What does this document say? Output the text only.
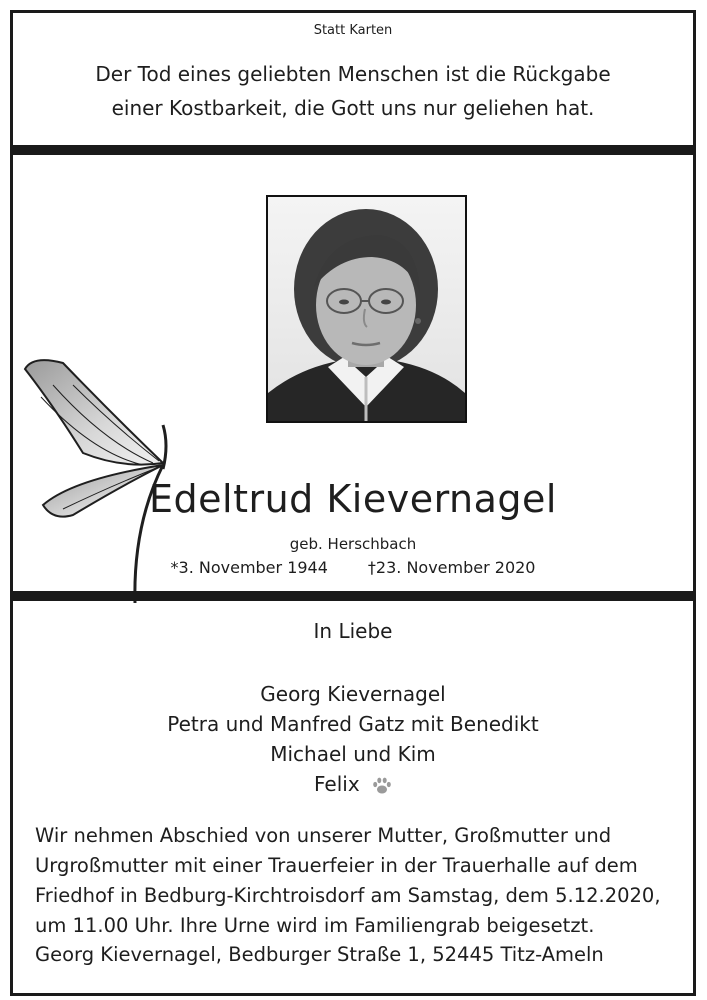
Statt Karten
Der Tod eines geliebten Menschen ist die Rückgabe
einer Kostbarkeit, die Gott uns nur geliehen hat.
Edeltrud Kievernagel
geb. Herschbach
*3. November 1944	†23. November 2020
In Liebe
Georg Kievernagel
Petra und Manfred Gatz mit Benedikt
Michael und Kim
Felix
Wir nehmen Abschied von unserer Mutter, Großmutter und
Urgroßmutter mit einer Trauerfeier in der Trauerhalle auf dem
Friedhof in Bedburg-Kirchtroisdorf am Samstag, dem 5.12.2020,
um 11.00 Uhr. Ihre Urne wird im Familiengrab beigesetzt.
Georg Kievernagel, Bedburger Straße 1, 52445 Titz-Ameln
